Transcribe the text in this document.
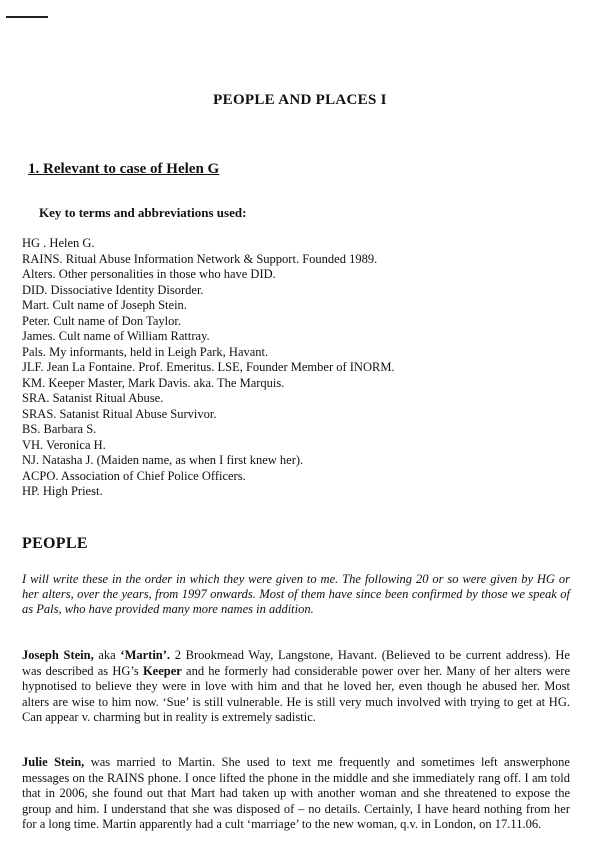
PEOPLE AND PLACES I
1. Relevant to case of Helen G
Key to terms and abbreviations used:
HG . Helen G.
RAINS. Ritual Abuse Information Network & Support. Founded 1989.
Alters. Other personalities in those who have DID.
DID. Dissociative Identity Disorder.
Mart. Cult name of Joseph Stein.
Peter. Cult name of Don Taylor.
James. Cult name of William Rattray.
Pals. My informants, held in Leigh Park, Havant.
JLF. Jean La Fontaine. Prof. Emeritus. LSE, Founder Member of INORM.
KM. Keeper Master, Mark Davis. aka. The Marquis.
SRA. Satanist Ritual Abuse.
SRAS. Satanist Ritual Abuse Survivor.
BS. Barbara S.
VH. Veronica H.
NJ. Natasha J. (Maiden name, as when I first knew her).
ACPO. Association of Chief Police Officers.
HP. High Priest.
PEOPLE

I will write these in the order in which they were given to me. The following 20 or so were given by HG or her alters, over the years, from 1997 onwards. Most of them have since been confirmed by those we speak of as Pals, who have provided many more names in addition.

Joseph Stein, aka ‘Martin’. 2 Brookmead Way, Langstone, Havant. (Believed to be current address). He was described as HG’s Keeper and he formerly had considerable power over her. Many of her alters were hypnotised to believe they were in love with him and that he loved her, even though he abused her. Most alters are wise to him now. ‘Sue’ is still vulnerable. He is still very much involved with trying to get at HG. Can appear v. charming but in reality is extremely sadistic.

Julie Stein, was married to Martin. She used to text me frequently and sometimes left answerphone messages on the RAINS phone. I once lifted the phone in the middle and she immediately rang off. I am told that in 2006, she found out that Mart had taken up with another woman and she threatened to expose the group and him. I understand that she was disposed of – no details. Certainly, I have heard nothing from her for a long time. Martin apparently had a cult ‘marriage’ to the new woman, q.v. in London, on 17.11.06.
